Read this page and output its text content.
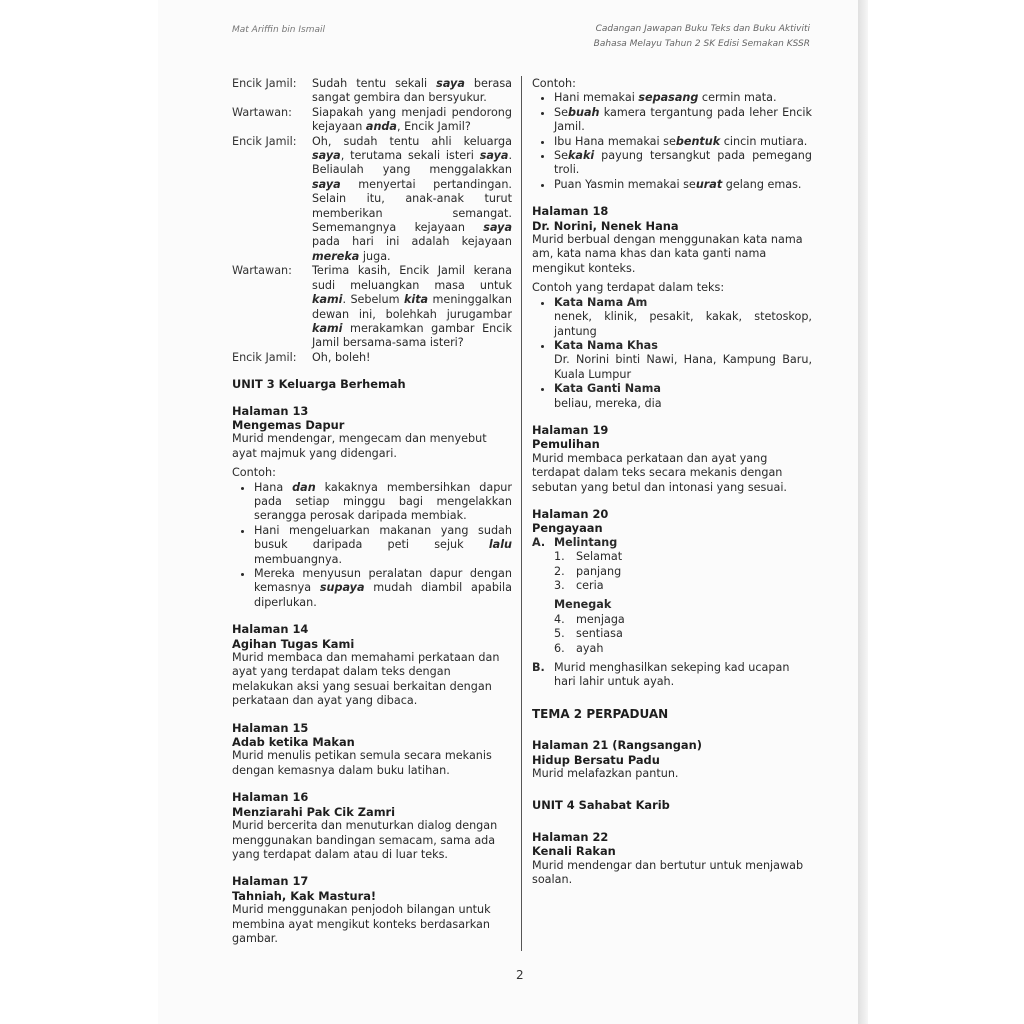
Mat Ariffin bin Ismail	Cadangan Jawapan Buku Teks dan Buku Aktiviti
Bahasa Melayu Tahun 2 SK Edisi Semakan KSSR
Encik Jamil:	Sudah tentu sekali saya berasa sangat gembira dan bersyukur.
Wartawan:	Siapakah yang menjadi pendorong kejayaan anda, Encik Jamil?
Encik Jamil:	Oh, sudah tentu ahli keluarga saya, terutama sekali isteri saya. Beliaulah yang menggalakkan saya menyertai pertandingan. Selain itu, anak-anak turut memberikan semangat. Sememangnya kejayaan saya pada hari ini adalah kejayaan mereka juga.
Wartawan:	Terima kasih, Encik Jamil kerana sudi meluangkan masa untuk kami. Sebelum kita meninggalkan dewan ini, bolehkah jurugambar kami merakamkan gambar Encik Jamil bersama-sama isteri?
Encik Jamil:	Oh, boleh!
UNIT 3 Keluarga Berhemah
Halaman 13
Mengemas Dapur
Murid mendengar, mengecam dan menyebut ayat majmuk yang didengari.
Contoh:
• Hana dan kakaknya membersihkan dapur pada setiap minggu bagi mengelakkan serangga perosak daripada membiak.
• Hani mengeluarkan makanan yang sudah busuk daripada peti sejuk lalu membuangnya.
• Mereka menyusun peralatan dapur dengan kemasnya supaya mudah diambil apabila diperlukan.
Halaman 14
Agihan Tugas Kami
Murid membaca dan memahami perkataan dan ayat yang terdapat dalam teks dengan melakukan aksi yang sesuai berkaitan dengan perkataan dan ayat yang dibaca.
Halaman 15
Adab ketika Makan
Murid menulis petikan semula secara mekanis dengan kemasnya dalam buku latihan.
Halaman 16
Menziarahi Pak Cik Zamri
Murid bercerita dan menuturkan dialog dengan menggunakan bandingan semacam, sama ada yang terdapat dalam atau di luar teks.
Halaman 17
Tahniah, Kak Mastura!
Murid menggunakan penjodoh bilangan untuk membina ayat mengikut konteks berdasarkan gambar.
Contoh:
• Hani memakai sepasang cermin mata.
• Sebuah kamera tergantung pada leher Encik Jamil.
• Ibu Hana memakai sebentuk cincin mutiara.
• Sekaki payung tersangkut pada pemegang troli.
• Puan Yasmin memakai seurat gelang emas.
Halaman 18
Dr. Norini, Nenek Hana
Murid berbual dengan menggunakan kata nama am, kata nama khas dan kata ganti nama mengikut konteks.
Contoh yang terdapat dalam teks:
• Kata Nama Am
nenek, klinik, pesakit, kakak, stetoskop, jantung
• Kata Nama Khas
Dr. Norini binti Nawi, Hana, Kampung Baru, Kuala Lumpur
• Kata Ganti Nama
beliau, mereka, dia
Halaman 19
Pemulihan
Murid membaca perkataan dan ayat yang terdapat dalam teks secara mekanis dengan sebutan yang betul dan intonasi yang sesuai.
Halaman 20
Pengayaan
A. Melintang
1.	Selamat
2.	panjang
3.	ceria
Menegak
4.	menjaga
5.	sentiasa
6.	ayah
B. Murid menghasilkan sekeping kad ucapan hari lahir untuk ayah.
TEMA 2 PERPADUAN
Halaman 21 (Rangsangan)
Hidup Bersatu Padu
Murid melafazkan pantun.
UNIT 4 Sahabat Karib
Halaman 22
Kenali Rakan
Murid mendengar dan bertutur untuk menjawab soalan.
2
